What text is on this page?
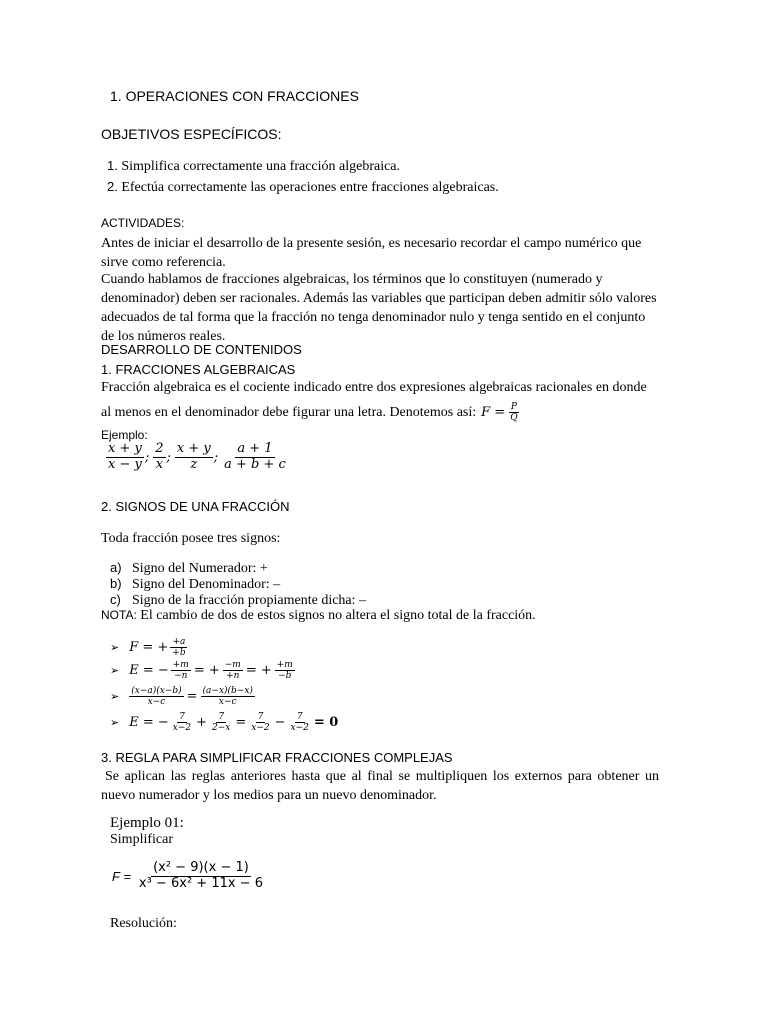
1. OPERACIONES CON FRACCIONES
OBJETIVOS ESPECÍFICOS:
1. Simplifica correctamente una fracción algebraica.
2. Efectúa correctamente las operaciones entre fracciones algebraicas.
ACTIVIDADES:
Antes de iniciar el desarrollo de la presente sesión, es necesario recordar el campo numérico que sirve como referencia.
Cuando hablamos de fracciones algebraicas, los términos que lo constituyen (numerado y denominador) deben ser racionales. Además las variables que participan deben admitir sólo valores adecuados de tal forma que la fracción no tenga denominador nulo y tenga sentido en el conjunto de los números reales.
DESARROLLO DE CONTENIDOS
1. FRACCIONES ALGEBRAICAS
Fracción algebraica es el cociente indicado entre dos expresiones algebraicas racionales en donde
al menos en el denominador debe figurar una letra. Denotemos así: $F = \frac{P}{Q}$
Ejemplo:
$\frac{x + y}{x - y}$ ; $\frac{2}{x}$ ; $\frac{x + y}{z}$ ; $\frac{a + 1}{a + b + c}$
2. SIGNOS DE UNA FRACCIÓN
Toda fracción posee tres signos:
a) Signo del Numerador: +
b) Signo del Denominador: –
c) Signo de la fracción propiamente dicha: –
NOTA: El cambio de dos de estos signos no altera el signo total de la fracción.
➢ F = + $\frac{+a}{+b}$
➢ E = − $\frac{+m}{-n}$ = + $\frac{-m}{+n}$ = + $\frac{+m}{-b}$
➢ $\frac{(x-a)(x-b)}{x-c} = \frac{(a-x)(b-x)}{x-c}$
➢ E = − $\frac{7}{x-2} + \frac{7}{2-x} = \frac{7}{x-2} - \frac{7}{x-2} = 0$
3. REGLA PARA SIMPLIFICAR FRACCIONES COMPLEJAS
Se aplican las reglas anteriores hasta que al final se multipliquen los externos para obtener un nuevo numerador y los medios para un nuevo denominador.
Ejemplo 01:
Simplificar
$F = \frac{\text{(x² − 9)(x − 1)}}{\text{x³ − 6x² + 11x − 6}}$
Resolución:
